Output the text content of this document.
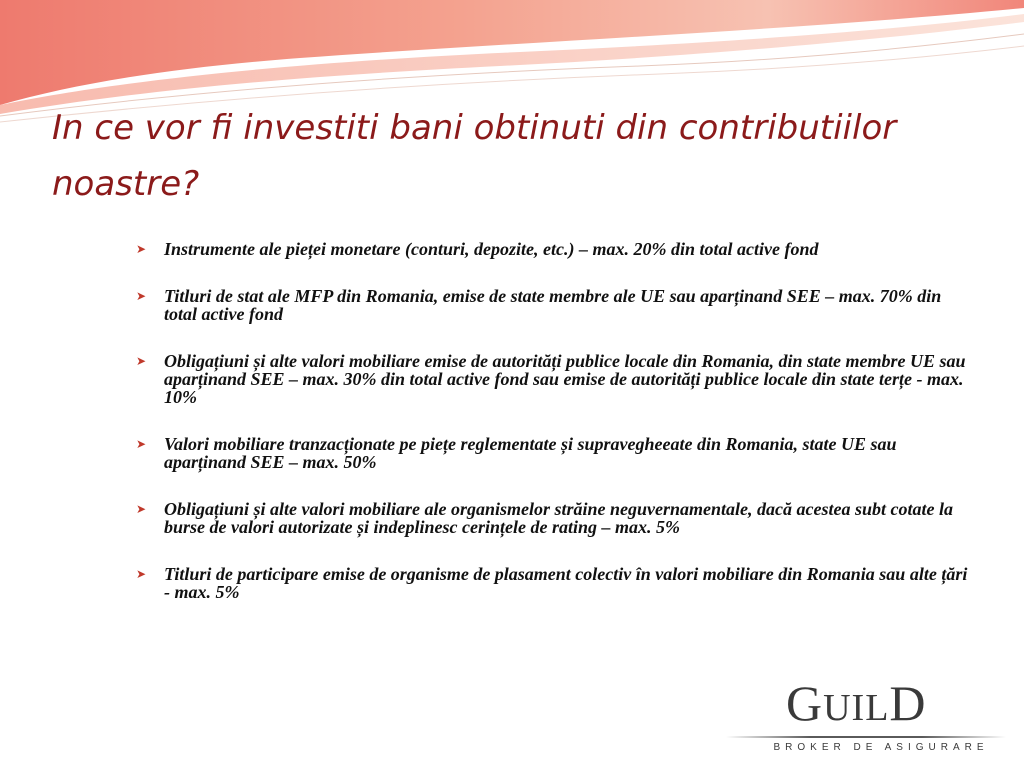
In ce vor fi investiti bani obtinuti din contributiilor noastre?
➤ Instrumente ale pieței monetare (conturi, depozite, etc.) – max. 20% din total active fond
➤ Titluri de stat ale MFP din Romania, emise de state membre ale UE sau aparținand SEE – max. 70% din total active fond
➤ Obligațiuni și alte valori mobiliare emise de autorități publice locale din Romania, din state membre UE sau aparținand SEE – max. 30% din total active fond sau emise de autorități publice locale din state terțe - max. 10%
➤ Valori mobiliare tranzacționate pe piețe reglementate și supravegheeate din Romania, state UE sau aparținand SEE – max. 50%
➤ Obligațiuni și alte valori mobiliare ale organismelor străine neguvernamentale, dacă acestea subt cotate la burse de valori autorizate și indeplinesc cerințele de rating – max. 5%
➤ Titluri de participare emise de organisme de plasament colectiv în valori mobiliare din Romania sau alte țări - max. 5%
GUILD
BROKER DE ASIGURARE
